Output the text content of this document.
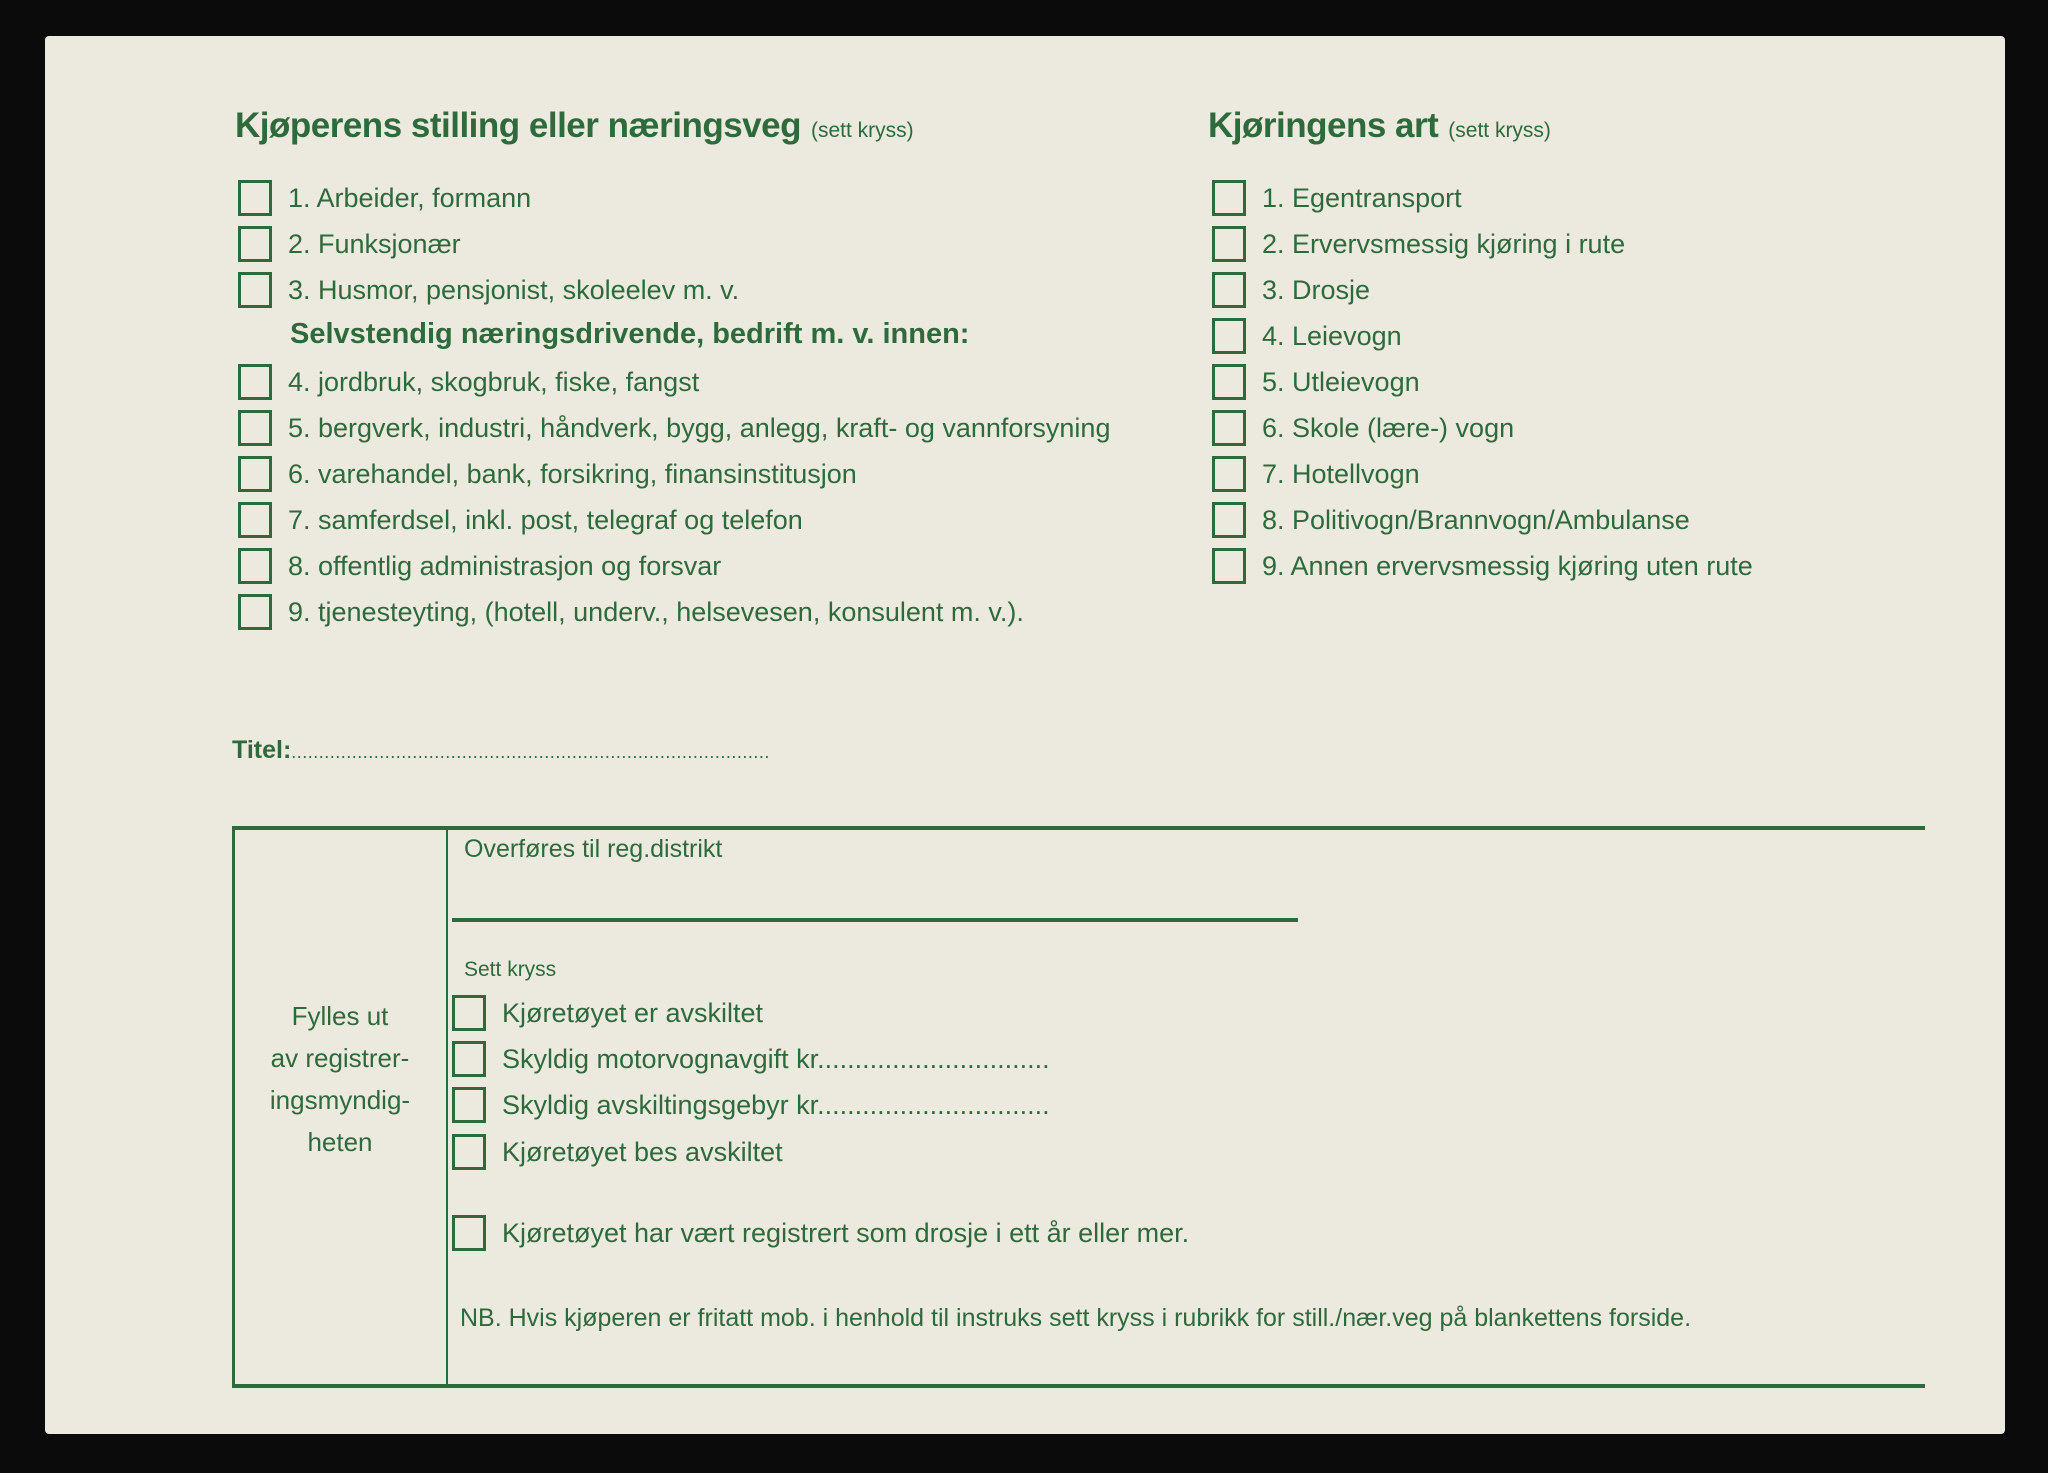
Kjøperens stilling eller næringsveg (sett kryss)
1. Arbeider, formann
2. Funksjonær
3. Husmor, pensjonist, skoleelev m. v.
Selvstendig næringsdrivende, bedrift m. v. innen:
4. jordbruk, skogbruk, fiske, fangst
5. bergverk, industri, håndverk, bygg, anlegg, kraft- og vannforsyning
6. varehandel, bank, forsikring, finansinstitusjon
7. samferdsel, inkl. post, telegraf og telefon
8. offentlig administrasjon og forsvar
9. tjenesteyting, (hotell, underv., helsevesen, konsulent m. v.).
Kjøringens art (sett kryss)
1. Egentransport
2. Ervervsmessig kjøring i rute
3. Drosje
4. Leievogn
5. Utleievogn
6. Skole (lære-) vogn
7. Hotellvogn
8. Politivogn/Brannvogn/Ambulanse
9. Annen ervervsmessig kjøring uten rute
Titel:.......................................................................................
Fylles ut
av registrer-
ingsmyndig-
heten
Overføres til reg.distrikt
Sett kryss
Kjøretøyet er avskiltet
Skyldig motorvognavgift kr...............................
Skyldig avskiltingsgebyr kr...............................
Kjøretøyet bes avskiltet
Kjøretøyet har vært registrert som drosje i ett år eller mer.
NB. Hvis kjøperen er fritatt mob. i henhold til instruks sett kryss i rubrikk for still./nær.veg på blankettens forside.
